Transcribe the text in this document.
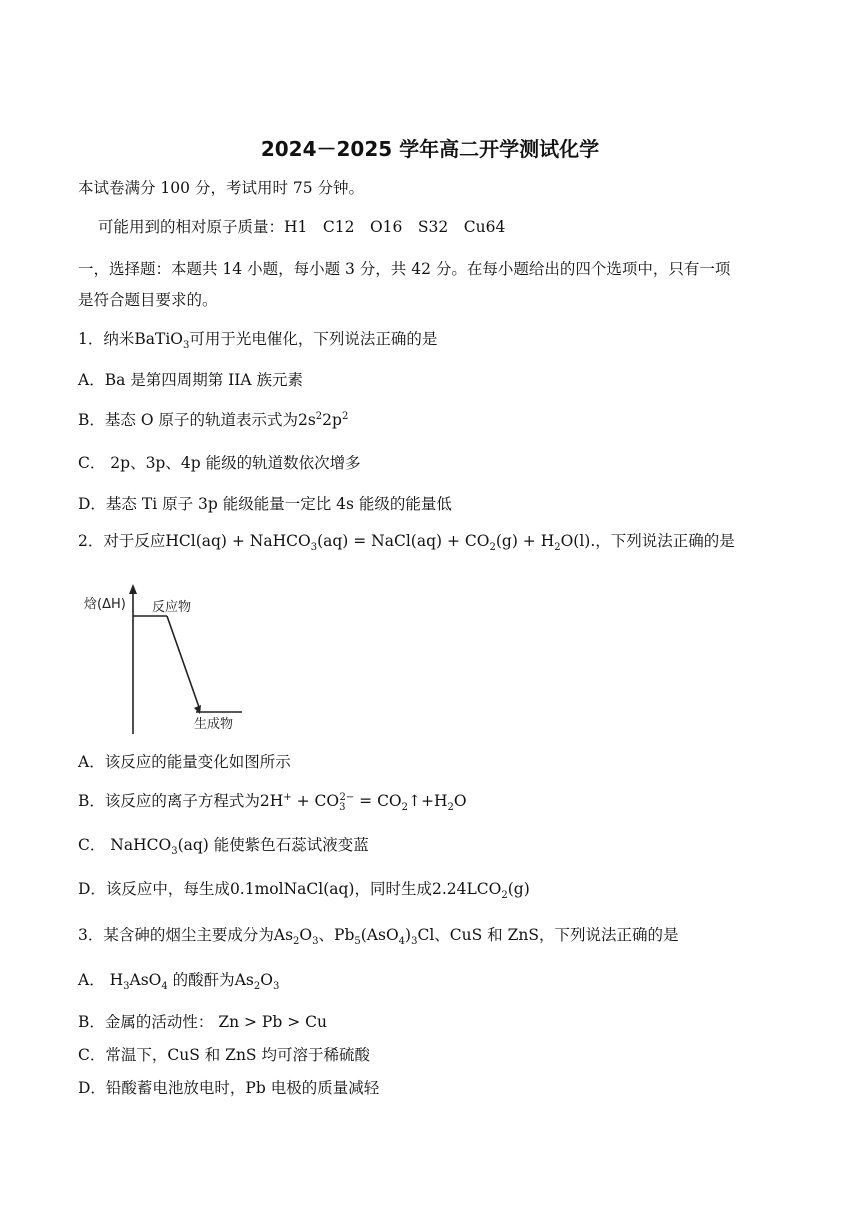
2024－2025 学年高二开学测试化学
本试卷满分 100 分，考试用时 75 分钟。
可能用到的相对原子质量：H1　C12　O16　S32　Cu64
一，选择题：本题共 14 小题，每小题 3 分，共 42 分。在每小题给出的四个选项中，只有一项
是符合题目要求的。
1．纳米BaTiO$_3$可用于光电催化，下列说法正确的是
A．Ba 是第四周期第 IIA 族元素
B．基态 O 原子的轨道表示式为$2s^22p^2$
C． 2p、3p、4p 能级的轨道数依次增多
D．基态 Ti 原子 3p 能级能量一定比 4s 能级的能量低
2．对于反应HCl(aq) + NaHCO$_3$(aq) = NaCl(aq) + $CO_2(g) + H_2O(l)$.，下列说法正确的是
焓(ΔH) 反应物
生成物
A．该反应的能量变化如图所示
B．该反应的离子方程式为$2H^+ + CO_3^{2-}$ = $CO_2↑+H_2O$
C． NaHCO$_3$(aq) 能使紫色石蕊试液变蓝
D．该反应中，每生成0.1molNaCl(aq)，同时生成$2.24LCO_2(g)$
3．某含砷的烟尘主要成分为$As_2O_3$、$Pb_5(AsO_4)_3Cl$、CuS 和 ZnS，下列说法正确的是
A． $H_3AsO_4$ 的酸酐为$As_2O_3$
B．金属的活动性： Zn > Pb > Cu
C．常温下，CuS 和 ZnS 均可溶于稀硫酸
D．铅酸蓄电池放电时，Pb 电极的质量减轻
